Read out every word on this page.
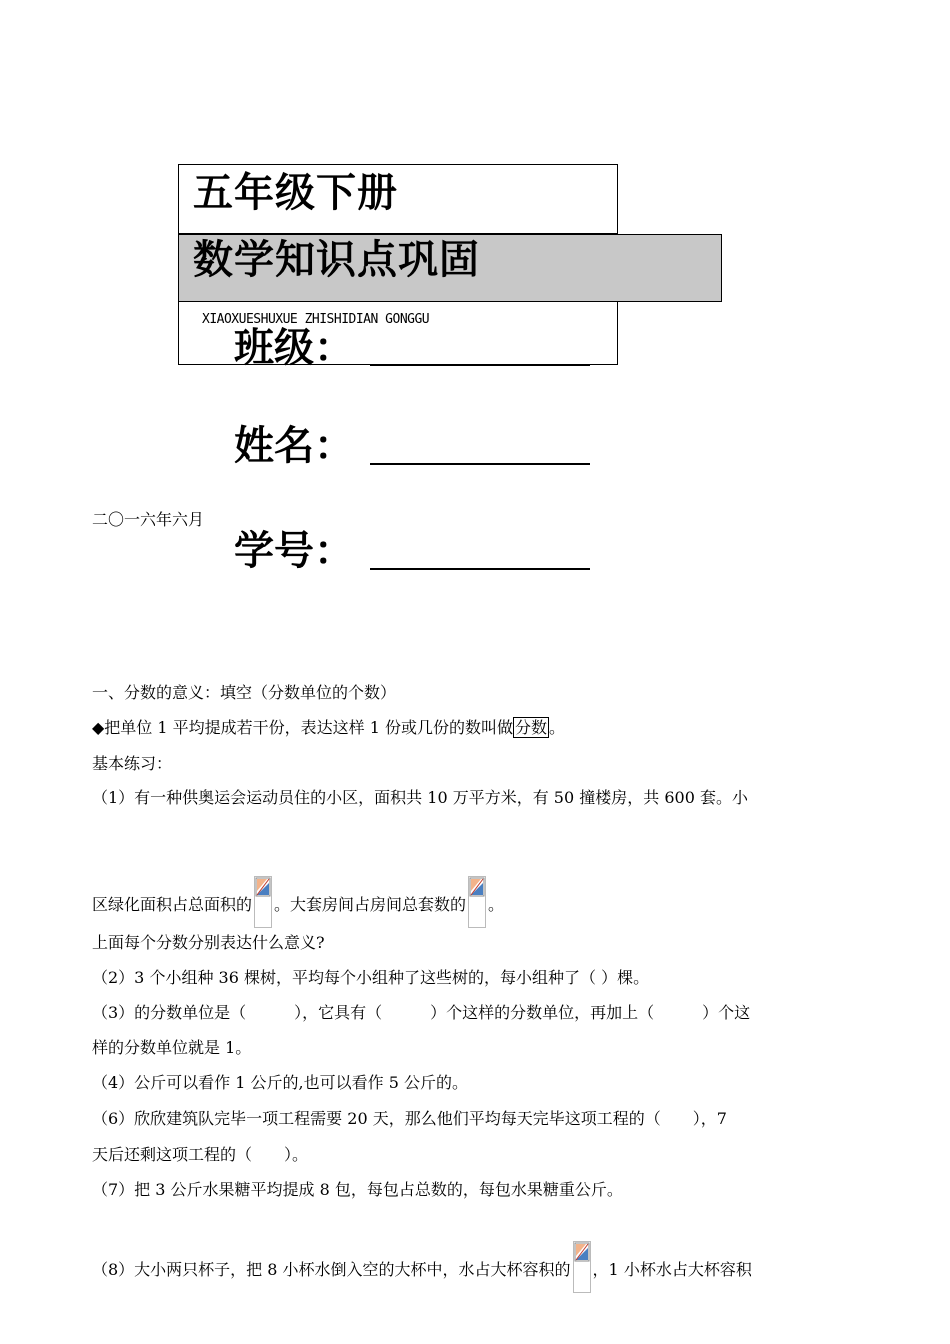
五年级下册
数学知识点巩固
XIAOXUESHUXUE ZHISHIDIAN GONGGU
班级：
姓名：
二〇一六年六月
学号：
一、分数的意义：填空（分数单位的个数）
◆把单位 1 平均提成若干份，表达这样 1 份或几份的数叫做 分数 。
基本练习：
（1）有一种供奥运会运动员住的小区，面积共 10 万平方米，有 50 撞楼房，共 600 套。小
区绿化面积占总面积的 。大套房间占房间总套数的 。
上面每个分数分别表达什么意义?
（2）3 个小组种 36 棵树，平均每个小组种了这些树的，每小组种了（ ）棵。
（3）的分数单位是（　　　），它具有（　　　）个这样的分数单位，再加上（　　　）个这
样的分数单位就是 1。
（4）公斤可以看作 1 公斤的,也可以看作 5 公斤的。
（6）欣欣建筑队完毕一项工程需要 20 天，那么他们平均每天完毕这项工程的（　　），7
天后还剩这项工程的（　　）。
（7）把 3 公斤水果糖平均提成 8 包，每包占总数的，每包水果糖重公斤。
（8）大小两只杯子，把 8 小杯水倒入空的大杯中，水占大杯容积的 ，1 小杯水占大杯容积
